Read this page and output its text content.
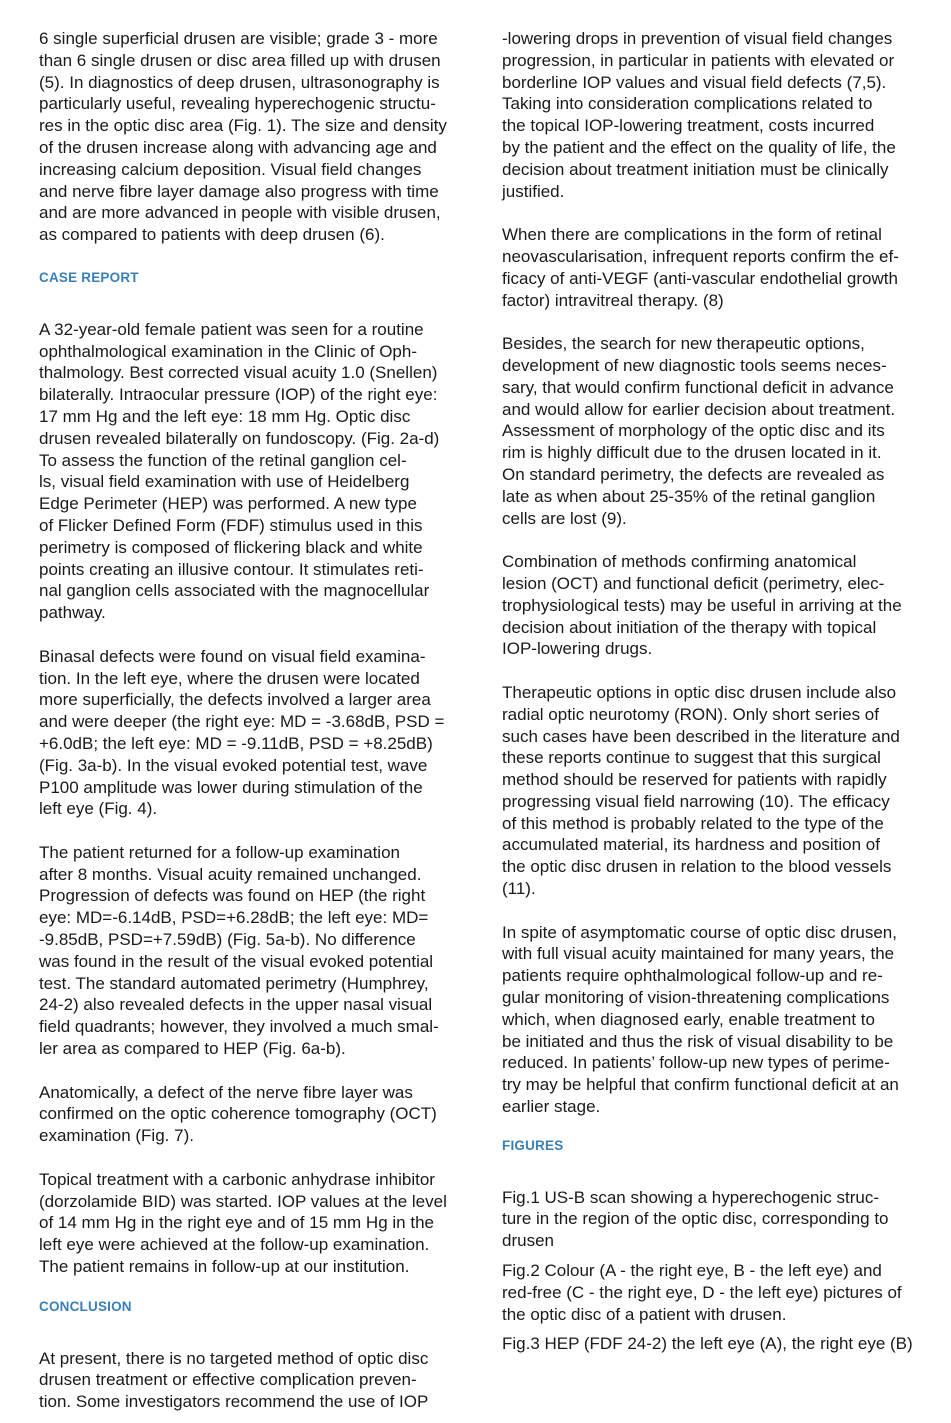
6 single superficial drusen are visible; grade 3 - more
than 6 single drusen or disc area filled up with drusen
(5). In diagnostics of deep drusen, ultrasonography is
particularly useful, revealing hyperechogenic structu-
res in the optic disc area (Fig. 1). The size and density
of the drusen increase along with advancing age and
increasing calcium deposition. Visual field changes
and nerve fibre layer damage also progress with time
and are more advanced in people with visible drusen,
as compared to patients with deep drusen (6).

CASE REPORT

A 32-year-old female patient was seen for a routine
ophthalmological examination in the Clinic of Oph-
thalmology. Best corrected visual acuity 1.0 (Snellen)
bilaterally. Intraocular pressure (IOP) of the right eye:
17 mm Hg and the left eye: 18 mm Hg. Optic disc
drusen revealed bilaterally on fundoscopy. (Fig. 2a-d)
To assess the function of the retinal ganglion cel-
ls, visual field examination with use of Heidelberg
Edge Perimeter (HEP) was performed. A new type
of Flicker Defined Form (FDF) stimulus used in this
perimetry is composed of flickering black and white
points creating an illusive contour. It stimulates reti-
nal ganglion cells associated with the magnocellular
pathway.

Binasal defects were found on visual field examina-
tion. In the left eye, where the drusen were located
more superficially, the defects involved a larger area
and were deeper (the right eye: MD = -3.68dB, PSD =
+6.0dB; the left eye: MD = -9.11dB, PSD = +8.25dB)
(Fig. 3a-b). In the visual evoked potential test, wave
P100 amplitude was lower during stimulation of the
left eye (Fig. 4).

The patient returned for a follow-up examination
after 8 months. Visual acuity remained unchanged.
Progression of defects was found on HEP (the right
eye: MD=-6.14dB, PSD=+6.28dB; the left eye: MD=
-9.85dB, PSD=+7.59dB) (Fig. 5a-b). No difference
was found in the result of the visual evoked potential
test. The standard automated perimetry (Humphrey,
24-2) also revealed defects in the upper nasal visual
field quadrants; however, they involved a much smal-
ler area as compared to HEP (Fig. 6a-b).

Anatomically, a defect of the nerve fibre layer was
confirmed on the optic coherence tomography (OCT)
examination (Fig. 7).

Topical treatment with a carbonic anhydrase inhibitor
(dorzolamide BID) was started. IOP values at the level
of 14 mm Hg in the right eye and of 15 mm Hg in the
left eye were achieved at the follow-up examination.
The patient remains in follow-up at our institution.

CONCLUSION

At present, there is no targeted method of optic disc
drusen treatment or effective complication preven-
tion. Some investigators recommend the use of IOP

-lowering drops in prevention of visual field changes
progression, in particular in patients with elevated or
borderline IOP values and visual field defects (7,5).
Taking into consideration complications related to
the topical IOP-lowering treatment, costs incurred
by the patient and the effect on the quality of life, the
decision about treatment initiation must be clinically
justified.

When there are complications in the form of retinal
neovascularisation, infrequent reports confirm the ef-
ficacy of anti-VEGF (anti-vascular endothelial growth
factor) intravitreal therapy. (8)

Besides, the search for new therapeutic options,
development of new diagnostic tools seems neces-
sary, that would confirm functional deficit in advance
and would allow for earlier decision about treatment.
Assessment of morphology of the optic disc and its
rim is highly difficult due to the drusen located in it.
On standard perimetry, the defects are revealed as
late as when about 25-35% of the retinal ganglion
cells are lost (9).

Combination of methods confirming anatomical
lesion (OCT) and functional deficit (perimetry, elec-
trophysiological tests) may be useful in arriving at the
decision about initiation of the therapy with topical
IOP-lowering drugs.

Therapeutic options in optic disc drusen include also
radial optic neurotomy (RON). Only short series of
such cases have been described in the literature and
these reports continue to suggest that this surgical
method should be reserved for patients with rapidly
progressing visual field narrowing (10). The efficacy
of this method is probably related to the type of the
accumulated material, its hardness and position of
the optic disc drusen in relation to the blood vessels
(11).

In spite of asymptomatic course of optic disc drusen,
with full visual acuity maintained for many years, the
patients require ophthalmological follow-up and re-
gular monitoring of vision-threatening complications
which, when diagnosed early, enable treatment to
be initiated and thus the risk of visual disability to be
reduced. In patients’ follow-up new types of perime-
try may be helpful that confirm functional deficit at an
earlier stage.

FIGURES

Fig.1 US-B scan showing a hyperechogenic struc-
ture in the region of the optic disc, corresponding to
drusen

Fig.2 Colour (A - the right eye, B - the left eye) and
red-free (C - the right eye, D - the left eye) pictures of
the optic disc of a patient with drusen.

Fig.3 HEP (FDF 24-2) the left eye (A), the right eye (B)
